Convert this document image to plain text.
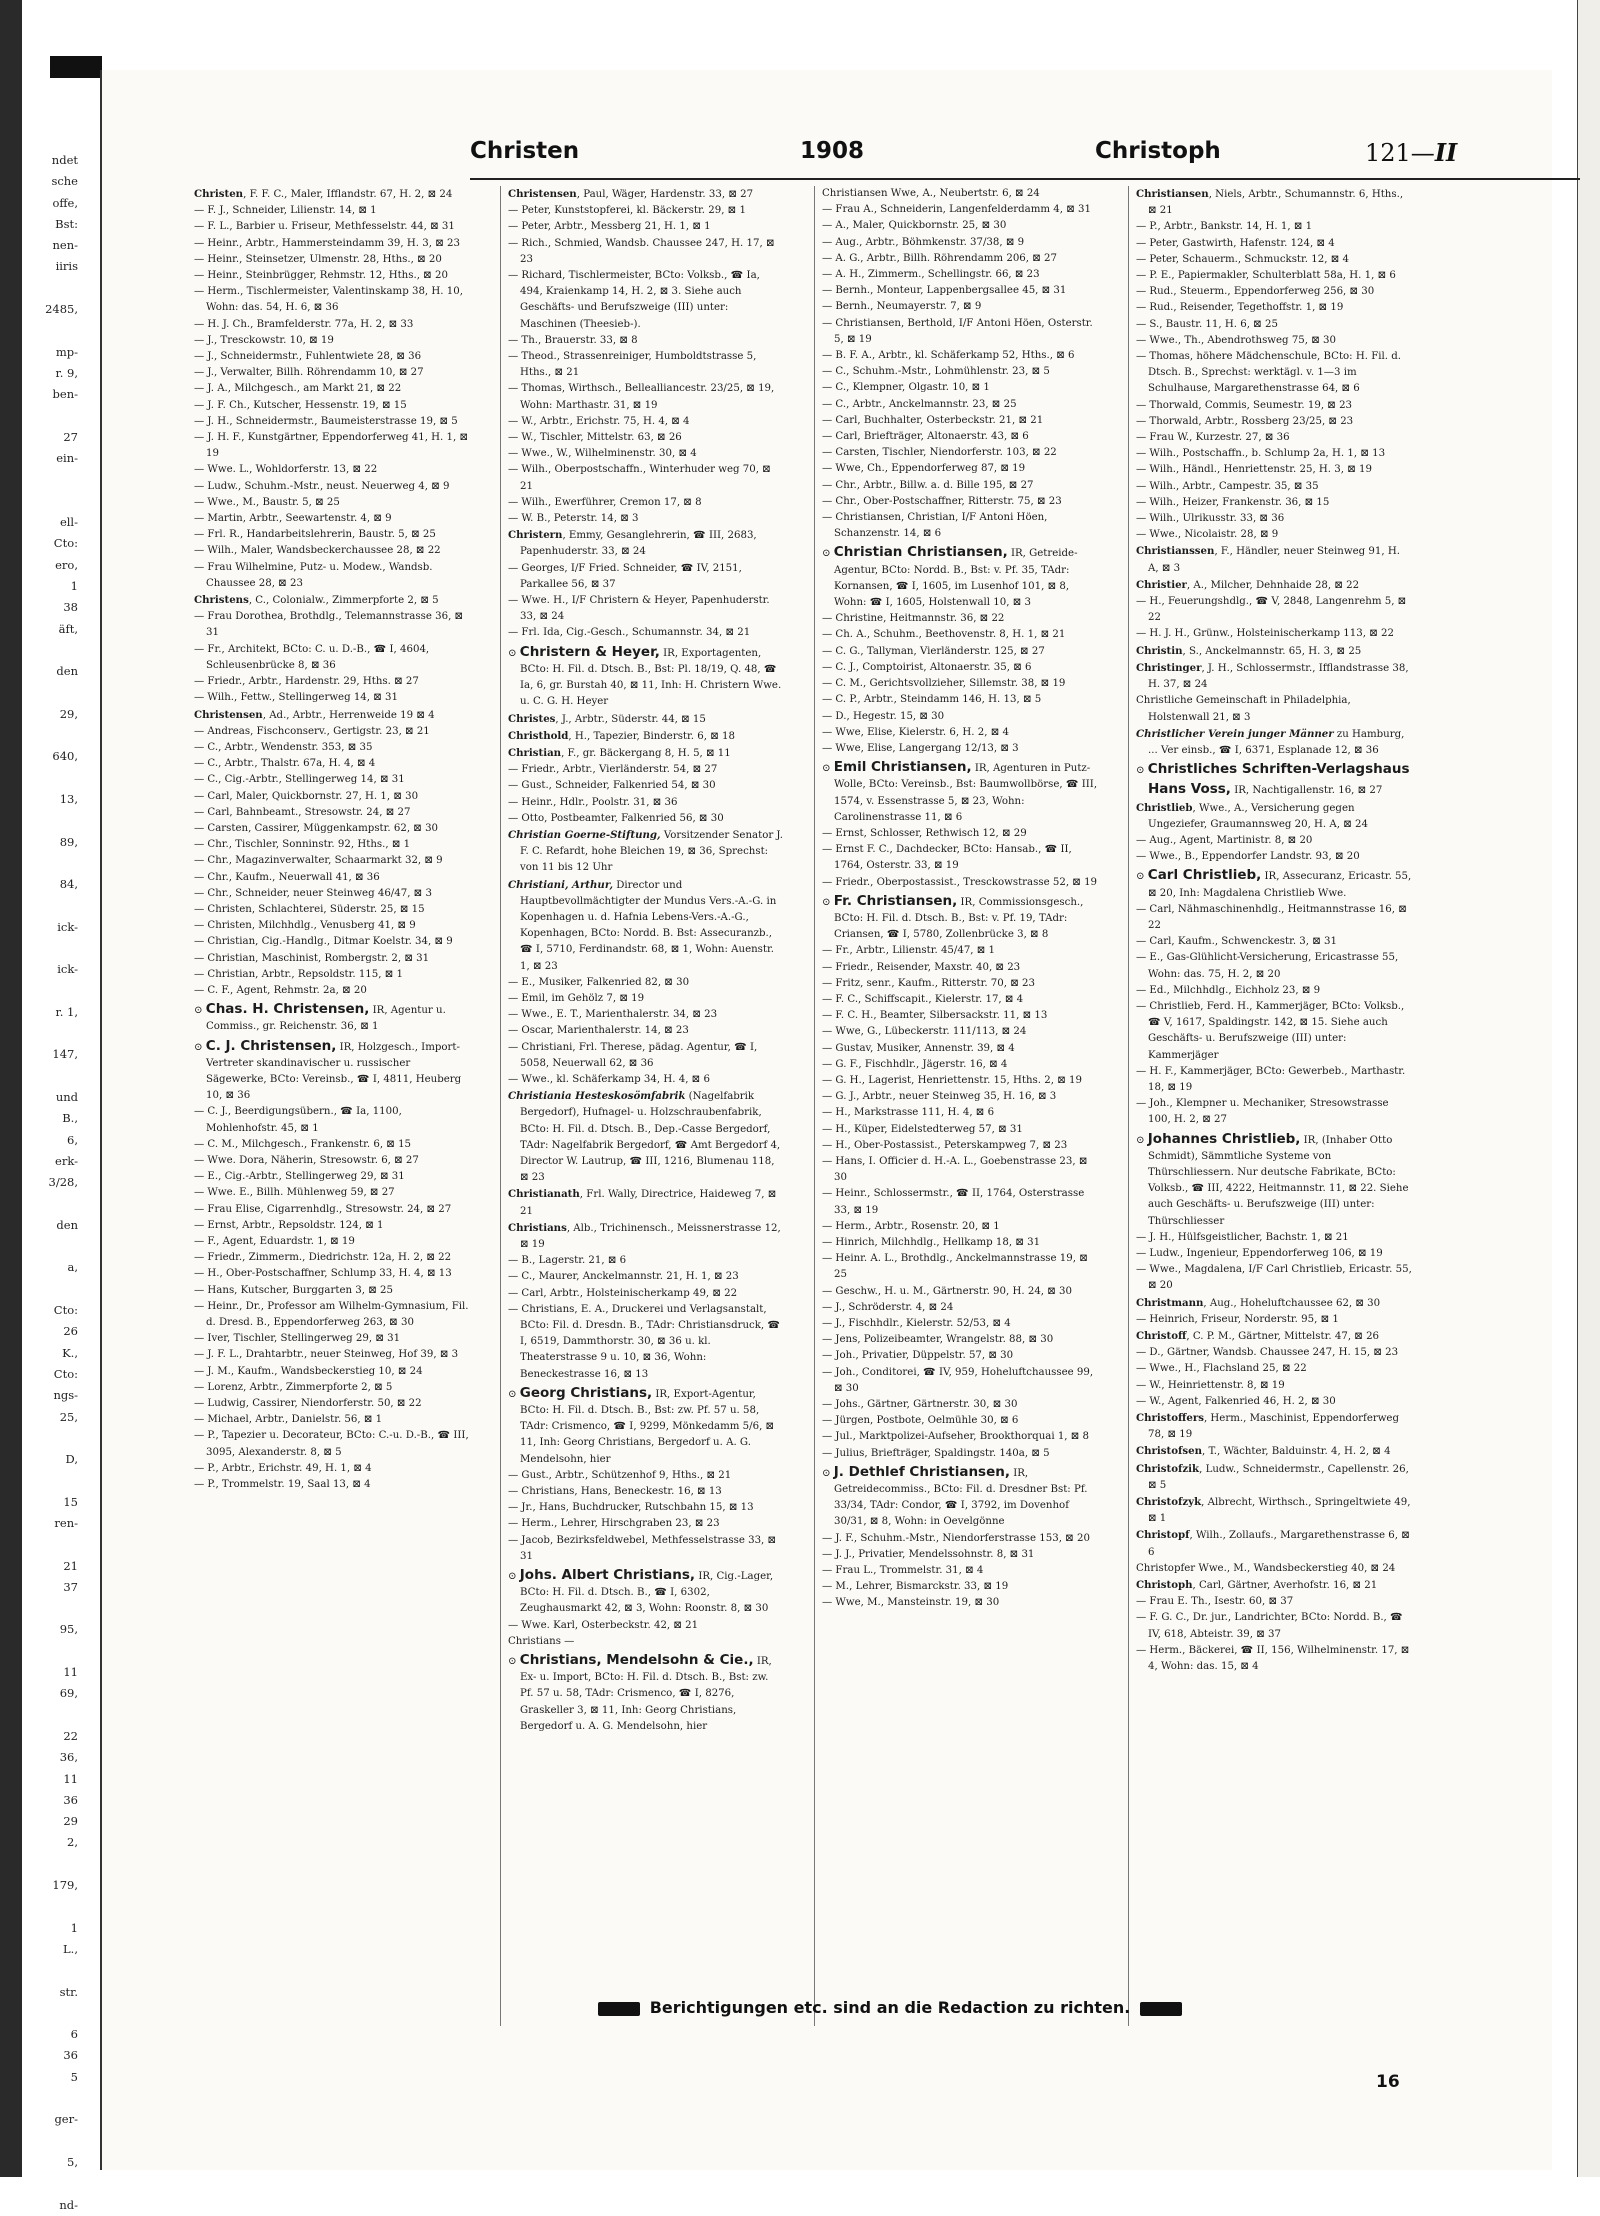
ndet
sche
offe,
Bst:
nen-
iiris

2485,

mp-
r. 9,
ben-

27
ein-

ell-
Cto:
ero,
1
38
äft,

den

29,

640,

13,

89,

84,

ick-

ick-

r. 1,

147,

und
B.,
6,
erk-
3/28,

den

a,

Cto:
26
K.,
Cto:
ngs-
25,

D,

15
ren-

21
37

95,

11
69,

22
36,
11
36
29
2,

179,

1
L.,

str.

6
36
5

ger-

5,

nd-
Christen	1908	Christoph	121—II

Christen, F. F. C., Maler, Ifflandstr. 67, H. 2, ⊠ 24

— F. J., Schneider, Lilienstr. 14, ⊠ 1

— F. L., Barbier u. Friseur, Methfesselstr. 44, ⊠ 31

— Heinr., Arbtr., Hammersteindamm 39, H. 3, ⊠ 23

— Heinr., Steinsetzer, Ulmenstr. 28, Hths., ⊠ 20

— Heinr., Steinbrügger, Rehmstr. 12, Hths., ⊠ 20

— Herm., Tischlermeister, Valentinskamp 38, H. 10, Wohn: das. 54, H. 6, ⊠ 36

— H. J. Ch., Bramfelderstr. 77a, H. 2, ⊠ 33

— J., Tresckowstr. 10, ⊠ 19

— J., Schneidermstr., Fuhlentwiete 28, ⊠ 36

— J., Verwalter, Billh. Röhrendamm 10, ⊠ 27

— J. A., Milchgesch., am Markt 21, ⊠ 22

— J. F. Ch., Kutscher, Hessenstr. 19, ⊠ 15

— J. H., Schneidermstr., Baumeisterstrasse 19, ⊠ 5

— J. H. F., Kunstgärtner, Eppendorferweg 41, H. 1, ⊠ 19

— Wwe. L., Wohldorferstr. 13, ⊠ 22

— Ludw., Schuhm.-Mstr., neust. Neuerweg 4, ⊠ 9

— Wwe., M., Baustr. 5, ⊠ 25

— Martin, Arbtr., Seewartenstr. 4, ⊠ 9

— Frl. R., Handarbeitslehrerin, Baustr. 5, ⊠ 25

— Wilh., Maler, Wandsbeckerchaussee 28, ⊠ 22

— Frau Wilhelmine, Putz- u. Modew., Wandsb. Chaussee 28, ⊠ 23

Christens, C., Colonialw., Zimmerpforte 2, ⊠ 5

— Frau Dorothea, Brothdlg., Telemannstrasse 36, ⊠ 31

— Fr., Architekt, BCto: C. u. D.-B., ☎ I, 4604, Schleusenbrücke 8, ⊠ 36

— Friedr., Arbtr., Hardenstr. 29, Hths. ⊠ 27

— Wilh., Fettw., Stellingerweg 14, ⊠ 31

Christensen, Ad., Arbtr., Herrenweide 19 ⊠ 4

— Andreas, Fischconserv., Gertigstr. 23, ⊠ 21

— C., Arbtr., Wendenstr. 353, ⊠ 35

— C., Arbtr., Thalstr. 67a, H. 4, ⊠ 4

— C., Cig.-Arbtr., Stellingerweg 14, ⊠ 31

— Carl, Maler, Quickbornstr. 27, H. 1, ⊠ 30

— Carl, Bahnbeamt., Stresowstr. 24, ⊠ 27

— Carsten, Cassirer, Müggenkampstr. 62, ⊠ 30

— Chr., Tischler, Sonninstr. 92, Hths., ⊠ 1

— Chr., Magazinverwalter, Schaarmarkt 32, ⊠ 9

— Chr., Kaufm., Neuerwall 41, ⊠ 36

— Chr., Schneider, neuer Steinweg 46/47, ⊠ 3

— Christen, Schlachterei, Süderstr. 25, ⊠ 15

— Christen, Milchhdlg., Venusberg 41, ⊠ 9

— Christian, Cig.-Handlg., Ditmar Koelstr. 34, ⊠ 9

— Christian, Maschinist, Rombergstr. 2, ⊠ 31

— Christian, Arbtr., Repsoldstr. 115, ⊠ 1

— C. F., Agent, Rehmstr. 2a, ⊠ 20

⊙ Chas. H. Christensen, IR, Agentur u. Commiss., gr. Reichenstr. 36, ⊠ 1

⊙ C. J. Christensen, IR, Holzgesch., Import-Vertreter skandinavischer u. russischer Sägewerke, BCto: Vereinsb., ☎ I, 4811, Heuberg 10, ⊠ 36

— C. J., Beerdigungsübern., ☎ Ia, 1100, Mohlenhofstr. 45, ⊠ 1

— C. M., Milchgesch., Frankenstr. 6, ⊠ 15

— Wwe. Dora, Näherin, Stresowstr. 6, ⊠ 27

— E., Cig.-Arbtr., Stellingerweg 29, ⊠ 31

— Wwe. E., Billh. Mühlenweg 59, ⊠ 27

— Frau Elise, Cigarrenhdlg., Stresowstr. 24, ⊠ 27

— Ernst, Arbtr., Repsoldstr. 124, ⊠ 1

— F., Agent, Eduardstr. 1, ⊠ 19

— Friedr., Zimmerm., Diedrichstr. 12a, H. 2, ⊠ 22

— H., Ober-Postschaffner, Schlump 33, H. 4, ⊠ 13

— Hans, Kutscher, Burggarten 3, ⊠ 25

— Heinr., Dr., Professor am Wilhelm-Gymnasium, Fil. d. Dresd. B., Eppendorferweg 263, ⊠ 30

— Iver, Tischler, Stellingerweg 29, ⊠ 31

— J. F. L., Drahtarbtr., neuer Steinweg, Hof 39, ⊠ 3

— J. M., Kaufm., Wandsbeckerstieg 10, ⊠ 24

— Lorenz, Arbtr., Zimmerpforte 2, ⊠ 5

— Ludwig, Cassirer, Niendorferstr. 50, ⊠ 22

— Michael, Arbtr., Danielstr. 56, ⊠ 1

— P., Tapezier u. Decorateur, BCto: C.-u. D.-B., ☎ III, 3095, Alexanderstr. 8, ⊠ 5

— P., Arbtr., Erichstr. 49, H. 1, ⊠ 4

— P., Trommelstr. 19, Saal 13, ⊠ 4

Christensen, Paul, Wäger, Hardenstr. 33, ⊠ 27

— Peter, Kunststopferei, kl. Bäckerstr. 29, ⊠ 1

— Peter, Arbtr., Messberg 21, H. 1, ⊠ 1

— Rich., Schmied, Wandsb. Chaussee 247, H. 17, ⊠ 23

— Richard, Tischlermeister, BCto: Volksb., ☎ Ia, 494, Kraienkamp 14, H. 2, ⊠ 3. Siehe auch Geschäfts- und Berufszweige (III) unter: Maschinen (Theesieb-).

— Th., Brauerstr. 33, ⊠ 8

— Theod., Strassenreiniger, Humboldtstrasse 5, Hths., ⊠ 21

— Thomas, Wirthsch., Bellealliancestr. 23/25, ⊠ 19, Wohn: Marthastr. 31, ⊠ 19

— W., Arbtr., Erichstr. 75, H. 4, ⊠ 4

— W., Tischler, Mittelstr. 63, ⊠ 26

— Wwe., W., Wilhelminenstr. 30, ⊠ 4

— Wilh., Oberpostschaffn., Winterhuder weg 70, ⊠ 21

— Wilh., Ewerführer, Cremon 17, ⊠ 8

— W. B., Peterstr. 14, ⊠ 3

Christern, Emmy, Gesanglehrerin, ☎ III, 2683, Papenhuderstr. 33, ⊠ 24

— Georges, I/F Fried. Schneider, ☎ IV, 2151, Parkallee 56, ⊠ 37

— Wwe. H., I/F Christern & Heyer, Papenhuderstr. 33, ⊠ 24

— Frl. Ida, Cig.-Gesch., Schumannstr. 34, ⊠ 21

⊙ Christern & Heyer, IR, Exportagenten, BCto: H. Fil. d. Dtsch. B., Bst: Pl. 18/19, Q. 48, ☎ Ia, 6, gr. Burstah 40, ⊠ 11, Inh: H. Christern Wwe. u. C. G. H. Heyer

Christes, J., Arbtr., Süderstr. 44, ⊠ 15

Christhold, H., Tapezier, Binderstr. 6, ⊠ 18

Christian, F., gr. Bäckergang 8, H. 5, ⊠ 11

— Friedr., Arbtr., Vierländerstr. 54, ⊠ 27

— Gust., Schneider, Falkenried 54, ⊠ 30

— Heinr., Hdlr., Poolstr. 31, ⊠ 36

— Otto, Postbeamter, Falkenried 56, ⊠ 30

Christian Goerne-Stiftung, Vorsitzender Senator J. F. C. Refardt, hohe Bleichen 19, ⊠ 36, Sprechst: von 11 bis 12 Uhr

Christiani, Arthur, Director und Hauptbevollmächtigter der Mundus Vers.-A.-G. in Kopenhagen u. d. Hafnia Lebens-Vers.-A.-G., Kopenhagen, BCto: Nordd. B. Bst: Assecuranzb., ☎ I, 5710, Ferdinandstr. 68, ⊠ 1, Wohn: Auenstr. 1, ⊠ 23

— E., Musiker, Falkenried 82, ⊠ 30

— Emil, im Gehölz 7, ⊠ 19

— Wwe., E. T., Marienthalerstr. 34, ⊠ 23

— Oscar, Marienthalerstr. 14, ⊠ 23

— Christiani, Frl. Therese, pädag. Agentur, ☎ I, 5058, Neuerwall 62, ⊠ 36

— Wwe., kl. Schäferkamp 34, H. 4, ⊠ 6

Christiania Hesteskosömfabrik (Nagelfabrik Bergedorf), Hufnagel- u. Holzschraubenfabrik, BCto: H. Fil. d. Dtsch. B., Dep.-Casse Bergedorf, TAdr: Nagelfabrik Bergedorf, ☎ Amt Bergedorf 4, Director W. Lautrup, ☎ III, 1216, Blumenau 118, ⊠ 23

Christianath, Frl. Wally, Directrice, Haideweg 7, ⊠ 21

Christians, Alb., Trichinensch., Meissnerstrasse 12, ⊠ 19

— B., Lagerstr. 21, ⊠ 6

— C., Maurer, Anckelmannstr. 21, H. 1, ⊠ 23

— Carl, Arbtr., Holsteinischerkamp 49, ⊠ 22

— Christians, E. A., Druckerei und Verlagsanstalt, BCto: Fil. d. Dresdn. B., TAdr: Christiansdruck, ☎ I, 6519, Dammthorstr. 30, ⊠ 36 u. kl. Theaterstrasse 9 u. 10, ⊠ 36, Wohn: Beneckestrasse 16, ⊠ 13

⊙ Georg Christians, IR, Export-Agentur, BCto: H. Fil. d. Dtsch. B., Bst: zw. Pf. 57 u. 58, TAdr: Crismenco, ☎ I, 9299, Mönkedamm 5/6, ⊠ 11, Inh: Georg Christians, Bergedorf u. A. G. Mendelsohn, hier

— Gust., Arbtr., Schützenhof 9, Hths., ⊠ 21

— Christians, Hans, Beneckestr. 16, ⊠ 13

— Jr., Hans, Buchdrucker, Rutschbahn 15, ⊠ 13

— Herm., Lehrer, Hirschgraben 23, ⊠ 23

— Jacob, Bezirksfeldwebel, Methfesselstrasse 33, ⊠ 31

⊙ Johs. Albert Christians, IR, Cig.-Lager, BCto: H. Fil. d. Dtsch. B., ☎ I, 6302, Zeughausmarkt 42, ⊠ 3, Wohn: Roonstr. 8, ⊠ 30

— Wwe. Karl, Osterbeckstr. 42, ⊠ 21

Christians —

⊙ Christians, Mendelsohn & Cie., IR, Ex- u. Import, BCto: H. Fil. d. Dtsch. B., Bst: zw. Pf. 57 u. 58, TAdr: Crismenco, ☎ I, 8276, Graskeller 3, ⊠ 11, Inh: Georg Christians, Bergedorf u. A. G. Mendelsohn, hier

Christiansen Wwe, A., Neubertstr. 6, ⊠ 24

— Frau A., Schneiderin, Langenfelderdamm 4, ⊠ 31

— A., Maler, Quickbornstr. 25, ⊠ 30

— Aug., Arbtr., Böhmkenstr. 37/38, ⊠ 9

— A. G., Arbtr., Billh. Röhrendamm 206, ⊠ 27

— A. H., Zimmerm., Schellingstr. 66, ⊠ 23

— Bernh., Monteur, Lappenbergsallee 45, ⊠ 31

— Bernh., Neumayerstr. 7, ⊠ 9

— Christiansen, Berthold, I/F Antoni Höen, Osterstr. 5, ⊠ 19

— B. F. A., Arbtr., kl. Schäferkamp 52, Hths., ⊠ 6

— C., Schuhm.-Mstr., Lohmühlenstr. 23, ⊠ 5

— C., Klempner, Olgastr. 10, ⊠ 1

— C., Arbtr., Anckelmannstr. 23, ⊠ 25

— Carl, Buchhalter, Osterbeckstr. 21, ⊠ 21

— Carl, Briefträger, Altonaerstr. 43, ⊠ 6

— Carsten, Tischler, Niendorferstr. 103, ⊠ 22

— Wwe, Ch., Eppendorferweg 87, ⊠ 19

— Chr., Arbtr., Billw. a. d. Bille 195, ⊠ 27

— Chr., Ober-Postschaffner, Ritterstr. 75, ⊠ 23

— Christiansen, Christian, I/F Antoni Höen, Schanzenstr. 14, ⊠ 6

⊙ Christian Christiansen, IR, Getreide-Agentur, BCto: Nordd. B., Bst: v. Pf. 35, TAdr: Kornansen, ☎ I, 1605, im Lusenhof 101, ⊠ 8, Wohn: ☎ I, 1605, Holstenwall 10, ⊠ 3

— Christine, Heitmannstr. 36, ⊠ 22

— Ch. A., Schuhm., Beethovenstr. 8, H. 1, ⊠ 21

— C. G., Tallyman, Vierländerstr. 125, ⊠ 27

— C. J., Comptoirist, Altonaerstr. 35, ⊠ 6

— C. M., Gerichtsvollzieher, Sillemstr. 38, ⊠ 19

— C. P., Arbtr., Steindamm 146, H. 13, ⊠ 5

— D., Hegestr. 15, ⊠ 30

— Wwe, Elise, Kielerstr. 6, H. 2, ⊠ 4

— Wwe, Elise, Langergang 12/13, ⊠ 3

⊙ Emil Christiansen, IR, Agenturen in Putz-Wolle, BCto: Vereinsb., Bst: Baumwollbörse, ☎ III, 1574, v. Essenstrasse 5, ⊠ 23, Wohn: Carolinenstrasse 11, ⊠ 6

— Ernst, Schlosser, Rethwisch 12, ⊠ 29

— Ernst F. C., Dachdecker, BCto: Hansab., ☎ II, 1764, Osterstr. 33, ⊠ 19

— Friedr., Oberpostassist., Tresckowstrasse 52, ⊠ 19

⊙ Fr. Christiansen, IR, Commissionsgesch., BCto: H. Fil. d. Dtsch. B., Bst: v. Pf. 19, TAdr: Criansen, ☎ I, 5780, Zollenbrücke 3, ⊠ 8

— Fr., Arbtr., Lilienstr. 45/47, ⊠ 1

— Friedr., Reisender, Maxstr. 40, ⊠ 23

— Fritz, senr., Kaufm., Ritterstr. 70, ⊠ 23

— F. C., Schiffscapit., Kielerstr. 17, ⊠ 4

— F. C. H., Beamter, Silbersackstr. 11, ⊠ 13

— Wwe, G., Lübeckerstr. 111/113, ⊠ 24

— Gustav, Musiker, Annenstr. 39, ⊠ 4

— G. F., Fischhdlr., Jägerstr. 16, ⊠ 4

— G. H., Lagerist, Henriettenstr. 15, Hths. 2, ⊠ 19

— G. J., Arbtr., neuer Steinweg 35, H. 16, ⊠ 3

— H., Markstrasse 111, H. 4, ⊠ 6

— H., Küper, Eidelstedterweg 57, ⊠ 31

— H., Ober-Postassist., Peterskampweg 7, ⊠ 23

— Hans, I. Officier d. H.-A. L., Goebenstrasse 23, ⊠ 30

— Heinr., Schlossermstr., ☎ II, 1764, Osterstrasse 33, ⊠ 19

— Herm., Arbtr., Rosenstr. 20, ⊠ 1

— Hinrich, Milchhdlg., Hellkamp 18, ⊠ 31

— Heinr. A. L., Brothdlg., Anckelmannstrasse 19, ⊠ 25

— Geschw., H. u. M., Gärtnerstr. 90, H. 24, ⊠ 30

— J., Schröderstr. 4, ⊠ 24

— J., Fischhdlr., Kielerstr. 52/53, ⊠ 4

— Jens, Polizeibeamter, Wrangelstr. 88, ⊠ 30

— Joh., Privatier, Düppelstr. 57, ⊠ 30

— Joh., Conditorei, ☎ IV, 959, Hoheluftchaussee 99, ⊠ 30

— Johs., Gärtner, Gärtnerstr. 30, ⊠ 30

— Jürgen, Postbote, Oelmühle 30, ⊠ 6

— Jul., Marktpolizei-Aufseher, Brookthorquai 1, ⊠ 8

— Julius, Briefträger, Spaldingstr. 140a, ⊠ 5

⊙ J. Dethlef Christiansen, IR, Getreidecommiss., BCto: Fil. d. Dresdner Bst: Pf. 33/34, TAdr: Condor, ☎ I, 3792, im Dovenhof 30/31, ⊠ 8, Wohn: in Oevelgönne

— J. F., Schuhm.-Mstr., Niendorferstrasse 153, ⊠ 20

— J. J., Privatier, Mendelssohnstr. 8, ⊠ 31

— Frau L., Trommelstr. 31, ⊠ 4

— M., Lehrer, Bismarckstr. 33, ⊠ 19

— Wwe, M., Mansteinstr. 19, ⊠ 30

Christiansen, Niels, Arbtr., Schumannstr. 6, Hths., ⊠ 21

— P., Arbtr., Bankstr. 14, H. 1, ⊠ 1

— Peter, Gastwirth, Hafenstr. 124, ⊠ 4

— Peter, Schauerm., Schmuckstr. 12, ⊠ 4

— P. E., Papiermakler, Schulterblatt 58a, H. 1, ⊠ 6

— Rud., Steuerm., Eppendorferweg 256, ⊠ 30

— Rud., Reisender, Tegethoffstr. 1, ⊠ 19

— S., Baustr. 11, H. 6, ⊠ 25

— Wwe., Th., Abendrothsweg 75, ⊠ 30

— Thomas, höhere Mädchenschule, BCto: H. Fil. d. Dtsch. B., Sprechst: werktägl. v. 1—3 im Schulhause, Margarethenstrasse 64, ⊠ 6

— Thorwald, Commis, Seumestr. 19, ⊠ 23

— Thorwald, Arbtr., Rossberg 23/25, ⊠ 23

— Frau W., Kurzestr. 27, ⊠ 36

— Wilh., Postschaffn., b. Schlump 2a, H. 1, ⊠ 13

— Wilh., Händl., Henriettenstr. 25, H. 3, ⊠ 19

— Wilh., Arbtr., Campestr. 35, ⊠ 35

— Wilh., Heizer, Frankenstr. 36, ⊠ 15

— Wilh., Ulrikusstr. 33, ⊠ 36

— Wwe., Nicolaistr. 28, ⊠ 9

Christianssen, F., Händler, neuer Steinweg 91, H. A, ⊠ 3

Christier, A., Milcher, Dehnhaide 28, ⊠ 22

— H., Feuerungshdlg., ☎ V, 2848, Langenrehm 5, ⊠ 22

— H. J. H., Grünw., Holsteinischerkamp 113, ⊠ 22

Christin, S., Anckelmannstr. 65, H. 3, ⊠ 25

Christinger, J. H., Schlossermstr., Ifflandstrasse 38, H. 37, ⊠ 24

Christliche Gemeinschaft in Philadelphia, Holstenwall 21, ⊠ 3

Christlicher Verein junger Männer zu Hamburg, ... Ver einsb., ☎ I, 6371, Esplanade 12, ⊠ 36

⊙ Christliches Schriften-Verlagshaus Hans Voss, IR, Nachtigallenstr. 16, ⊠ 27

Christlieb, Wwe., A., Versicherung gegen Ungeziefer, Graumannsweg 20, H. A, ⊠ 24

— Aug., Agent, Martinistr. 8, ⊠ 20

— Wwe., B., Eppendorfer Landstr. 93, ⊠ 20

⊙ Carl Christlieb, IR, Assecuranz, Ericastr. 55, ⊠ 20, Inh: Magdalena Christlieb Wwe.

— Carl, Nähmaschinenhdlg., Heitmannstrasse 16, ⊠ 22

— Carl, Kaufm., Schwenckestr. 3, ⊠ 31

— E., Gas-Glühlicht-Versicherung, Ericastrasse 55, Wohn: das. 75, H. 2, ⊠ 20

— Ed., Milchhdlg., Eichholz 23, ⊠ 9

— Christlieb, Ferd. H., Kammerjäger, BCto: Volksb., ☎ V, 1617, Spaldingstr. 142, ⊠ 15. Siehe auch Geschäfts- u. Berufszweige (III) unter: Kammerjäger

— H. F., Kammerjäger, BCto: Gewerbeb., Marthastr. 18, ⊠ 19

— Joh., Klempner u. Mechaniker, Stresowstrasse 100, H. 2, ⊠ 27

⊙ Johannes Christlieb, IR, (Inhaber Otto Schmidt), Sämmtliche Systeme von Thürschliessern. Nur deutsche Fabrikate, BCto: Volksb., ☎ III, 4222, Heitmannstr. 11, ⊠ 22. Siehe auch Geschäfts- u. Berufszweige (III) unter: Thürschliesser

— J. H., Hülfsgeistlicher, Bachstr. 1, ⊠ 21

— Ludw., Ingenieur, Eppendorferweg 106, ⊠ 19

— Wwe., Magdalena, I/F Carl Christlieb, Ericastr. 55, ⊠ 20

Christmann, Aug., Hoheluftchaussee 62, ⊠ 30

— Heinrich, Friseur, Norderstr. 95, ⊠ 1

Christoff, C. P. M., Gärtner, Mittelstr. 47, ⊠ 26

— D., Gärtner, Wandsb. Chaussee 247, H. 15, ⊠ 23

— Wwe., H., Flachsland 25, ⊠ 22

— W., Heinriettenstr. 8, ⊠ 19

— W., Agent, Falkenried 46, H. 2, ⊠ 30

Christoffers, Herm., Maschinist, Eppendorferweg 78, ⊠ 19

Christofsen, T., Wächter, Balduinstr. 4, H. 2, ⊠ 4

Christofzik, Ludw., Schneidermstr., Capellenstr. 26, ⊠ 5

Christofzyk, Albrecht, Wirthsch., Springeltwiete 49, ⊠ 1

Christopf, Wilh., Zollaufs., Margarethenstrasse 6, ⊠ 6

Christopfer Wwe., M., Wandsbeckerstieg 40, ⊠ 24

Christoph, Carl, Gärtner, Averhofstr. 16, ⊠ 21

— Frau E. Th., Isestr. 60, ⊠ 37

— F. G. C., Dr. jur., Landrichter, BCto: Nordd. B., ☎ IV, 618, Abteistr. 39, ⊠ 37

— Herm., Bäckerei, ☎ II, 156, Wilhelminenstr. 17, ⊠ 4, Wohn: das. 15, ⊠ 4

Berichtigungen etc. sind an die Redaction zu richten.
16
